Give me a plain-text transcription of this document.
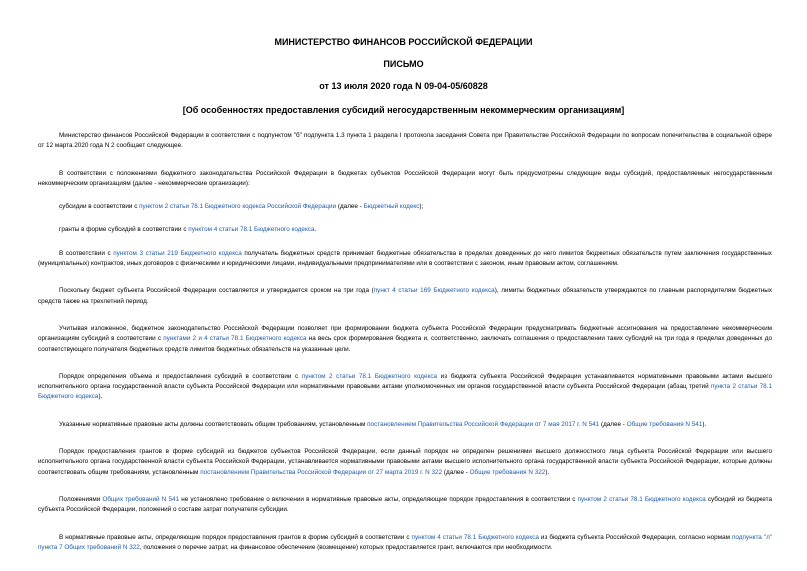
МИНИСТЕРСТВО ФИНАНСОВ РОССИЙСКОЙ ФЕДЕРАЦИИ
ПИСЬМО
от 13 июля 2020 года N 09-04-05/60828
[Об особенностях предоставления субсидий негосударственным некоммерческим организациям]

Министерство финансов Российской Федерации в соответствии с подпунктом "б" подпункта 1.3 пункта 1 раздела I протокола заседания Совета при Правительстве Российской Федерации по вопросам попечительства в социальной сфере от 12 марта 2020 года N 2 сообщает следующее.

В соответствии с положениями бюджетного законодательства Российской Федерации в бюджетах субъектов Российской Федерации могут быть предусмотрены следующие виды субсидий, предоставляемых негосударственным некоммерческим организациям (далее - некоммерческие организации):

субсидии в соответствии с пунктом 2 статьи 78.1 Бюджетного кодекса Российской Федерации (далее - Бюджетный кодекс);

гранты в форме субсидий в соответствии с пунктом 4 статьи 78.1 Бюджетного кодекса.

В соответствии с пунктом 3 статьи 219 Бюджетного кодекса получатель бюджетных средств принимает бюджетные обязательства в пределах доведенных до него лимитов бюджетных обязательств путем заключения государственных (муниципальных) контрактов, иных договоров с физическими и юридическими лицами, индивидуальными предпринимателями или в соответствии с законом, иным правовым актом, соглашением.

Поскольку бюджет субъекта Российской Федерации составляется и утверждается сроком на три года (пункт 4 статьи 169 Бюджетного кодекса), лимиты бюджетных обязательств утверждаются по главным распорядителям бюджетных средств также на трехлетний период.

Учитывая изложенное, бюджетное законодательство Российской Федерации позволяет при формировании бюджета субъекта Российской Федерации предусматривать бюджетные ассигнования на предоставление некоммерческим организациям субсидий в соответствии с пунктами 2 и 4 статьи 78.1 Бюджетного кодекса на весь срок формирования бюджета и, соответственно, заключать соглашения о предоставлении таких субсидий на три года в пределах доведенных до соответствующего получателя бюджетных средств лимитов бюджетных обязательств на указанные цели.

Порядок определения объема и предоставления субсидий в соответствии с пунктом 2 статьи 78.1 Бюджетного кодекса из бюджета субъекта Российской Федерации устанавливается нормативными правовыми актами высшего исполнительного органа государственной власти субъекта Российской Федерации или нормативными правовыми актами уполномоченных им органов государственной власти субъекта Российской Федерации (абзац третий пункта 2 статьи 78.1 Бюджетного кодекса).

Указанные нормативные правовые акты должны соответствовать общим требованиям, установленным постановлением Правительства Российской Федерации от 7 мая 2017 г. N 541 (далее - Общие требования N 541).

Порядок предоставления грантов в форме субсидий из бюджетов субъектов Российской Федерации, если данный порядок не определен решениями высшего должностного лица субъекта Российской Федерации или высшего исполнительного органа государственной власти субъекта Российской Федерации, устанавливается нормативными правовыми актами высшего исполнительного органа государственной власти субъекта Российской Федерации, которые должны соответствовать общим требованиям, установленным постановлением Правительства Российской Федерации от 27 марта 2019 г. N 322 (далее - Общие требования N 322).

Положениями Общих требований N 541 не установлено требование о включении в нормативные правовые акты, определяющие порядок предоставления в соответствии с пунктом 2 статьи 78.1 Бюджетного кодекса субсидий из бюджета субъекта Российской Федерации, положений о составе затрат получателя субсидии.

В нормативные правовые акты, определяющие порядок предоставления грантов в форме субсидий в соответствии с пунктом 4 статьи 78.1 Бюджетного кодекса из бюджета субъекта Российской Федерации, согласно нормам подпункта "л" пункта 7 Общих требований N 322, положения о перечне затрат, на финансовое обеспечение (возмещение) которых предоставляется грант, включаются при необходимости.
